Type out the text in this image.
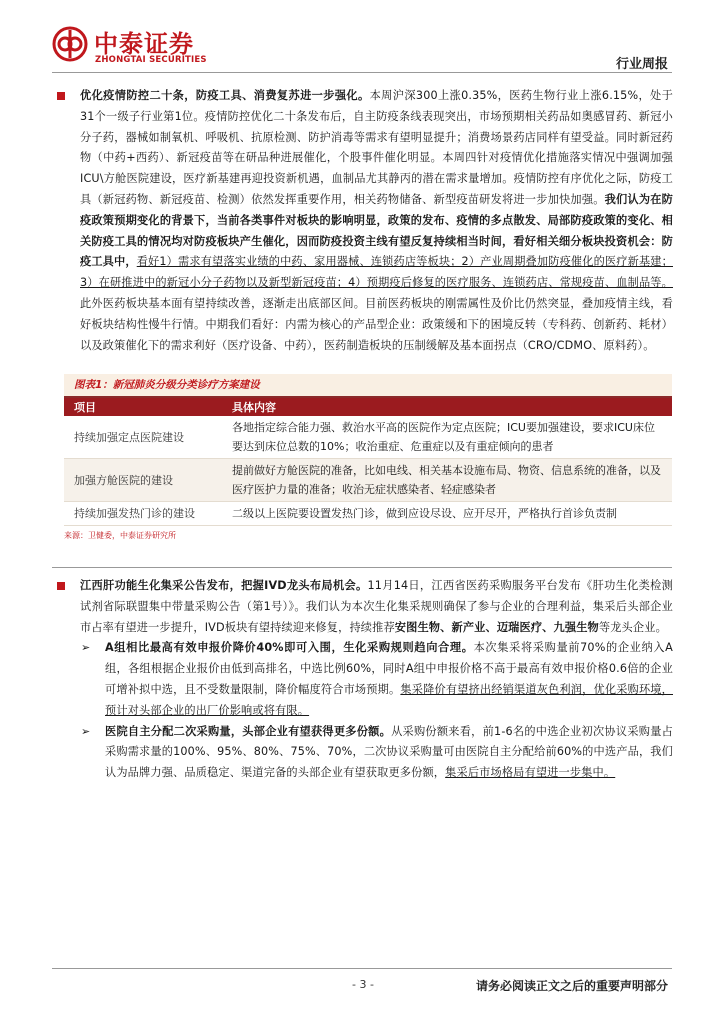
中泰证券
ZHONGTAI SECURITIES	行业周报

优化疫情防控二十条，防疫工具、消费复苏进一步强化。本周沪深300上涨0.35%，医药生物行业上涨6.15%，处于31个一级子行业第1位。疫情防控优化二十条发布后，自主防疫条线表现突出，市场预期相关药品如奥感冒药、新冠小分子药，器械如制氧机、呼吸机、抗原检测、防护消毒等需求有望明显提升；消费场景药店同样有望受益。同时新冠药物（中药+西药）、新冠疫苗等在研品种进展催化，个股事件催化明显。本周四针对疫情优化措施落实情况中强调加强ICU\方舱医院建设，医疗新基建再迎投资新机遇，血制品尤其静丙的潜在需求量增加。疫情防控有序优化之际，防疫工具（新冠药物、新冠疫苗、检测）依然发挥重要作用，相关药物储备、新型疫苗研发将进一步加快加强。我们认为在防疫政策预期变化的背景下，当前各类事件对板块的影响明显，政策的发布、疫情的多点散发、局部防疫政策的变化、相关防疫工具的情况均对防疫板块产生催化，因而防疫投资主线有望反复持续相当时间，看好相关细分板块投资机会：防疫工具中，看好1）需求有望落实业绩的中药、家用器械、连锁药店等板块；2）产业周期叠加防疫催化的医疗新基建；3）在研推进中的新冠小分子药物以及新型新冠疫苗；4）预期疫后修复的医疗服务、连锁药店、常规疫苗、血制品等。此外医药板块基本面有望持续改善，逐渐走出底部区间。目前医药板块的刚需属性及价比仍然突显，叠加疫情主线，看好板块结构性慢牛行情。中期我们看好：内需为核心的产品型企业：政策缓和下的困境反转（专科药、创新药、耗材）以及政策催化下的需求利好（医疗设备、中药），医药制造板块的压制缓解及基本面拐点（CRO/CDMO、原料药）。

图表1：新冠肺炎分级分类诊疗方案建设
项目	具体内容
持续加强定点医院建设	各地指定综合能力强、救治水平高的医院作为定点医院；ICU要加强建设，要求ICU床位要达到床位总数的10%；收治重症、危重症以及有重症倾向的患者
加强方舱医院的建设	提前做好方舱医院的准备，比如电线、相关基本设施布局、物资、信息系统的准备，以及医疗医护力量的准备；收治无症状感染者、轻症感染者
持续加强发热门诊的建设	二级以上医院要设置发热门诊，做到应设尽设、应开尽开，严格执行首诊负责制
来源：卫健委，中泰证券研究所

江西肝功能生化集采公告发布，把握IVD龙头布局机会。11月14日，江西省医药采购服务平台发布《肝功生化类检测试剂省际联盟集中带量采购公告（第1号）》。我们认为本次生化集采规则确保了参与企业的合理利益，集采后头部企业市占率有望进一步提升，IVD板块有望持续迎来修复，持续推荐安图生物、新产业、迈瑞医疗、九强生物等龙头企业。

➢ A组相比最高有效申报价降价40%即可入围，生化采购规则趋向合理。本次集采将采购量前70%的企业纳入A组，各组根据企业报价由低到高排名，中选比例60%，同时A组中申报价格不高于最高有效申报价格0.6倍的企业可增补拟中选，且不受数量限制，降价幅度符合市场预期。集采降价有望挤出经销渠道灰色利润，优化采购环境，预计对头部企业的出厂价影响或将有限。

➢ 医院自主分配二次采购量，头部企业有望获得更多份额。从采购份额来看，前1-6名的中选企业初次协议采购量占采购需求量的100%、95%、80%、75%、70%，二次协议采购量可由医院自主分配给前60%的中选产品，我们认为品牌力强、品质稳定、渠道完备的头部企业有望获取更多份额，集采后市场格局有望进一步集中。

- 3 -	请务必阅读正文之后的重要声明部分
